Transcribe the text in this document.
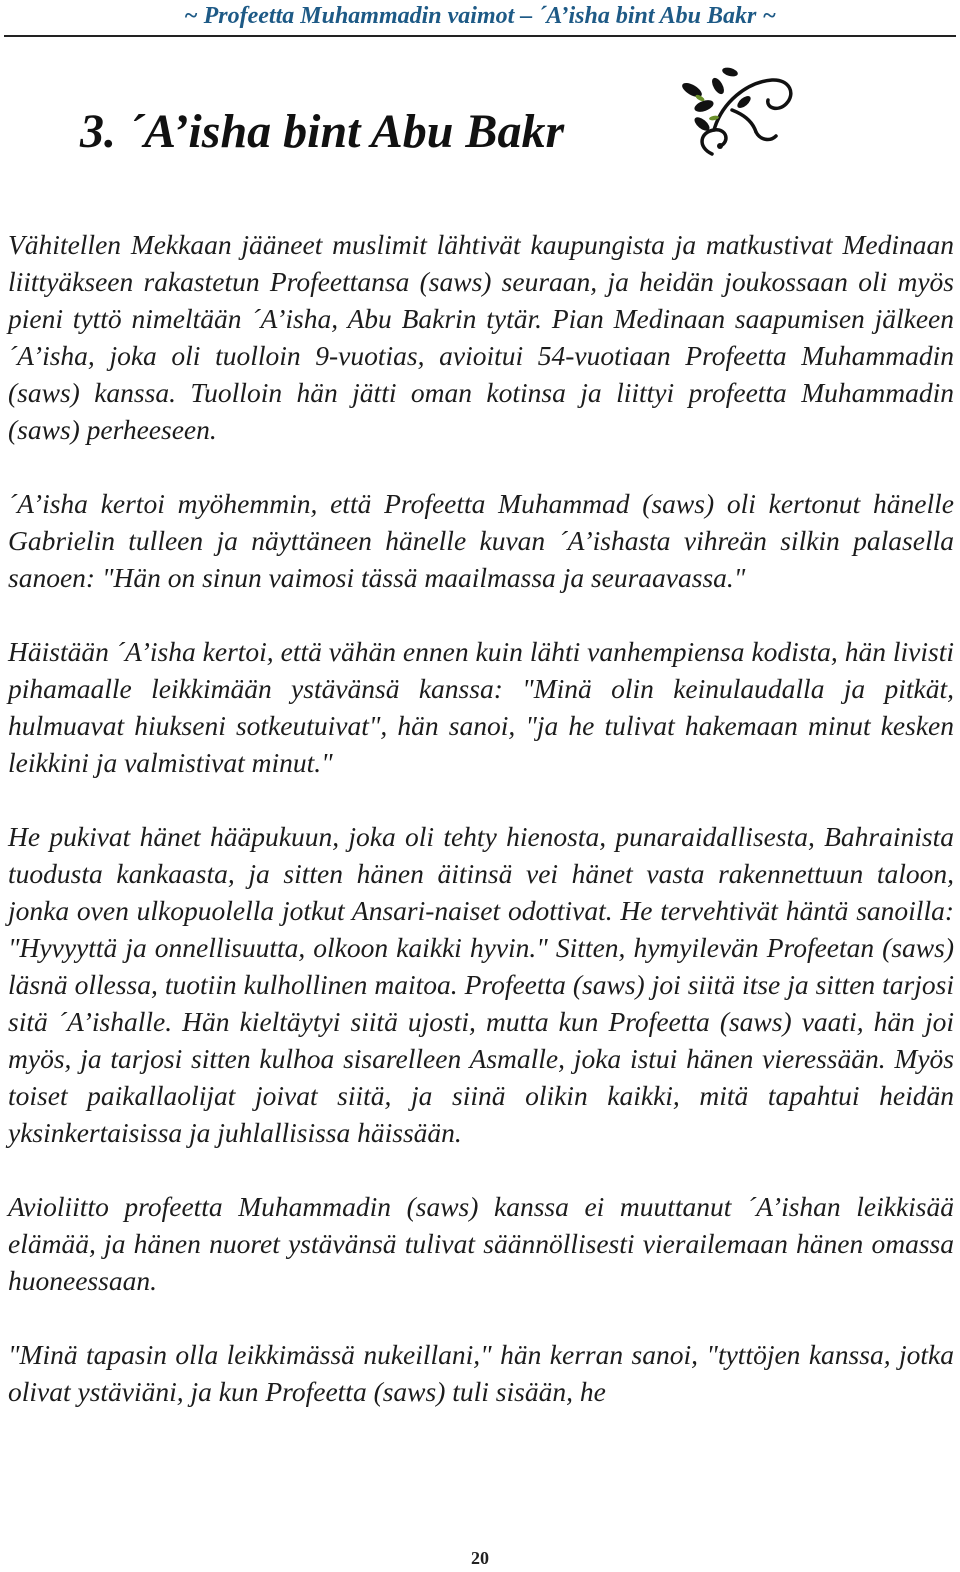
~ Profeetta Muhammadin vaimot – ´A’isha bint Abu Bakr ~
3. ´A’isha bint Abu Bakr

Vähitellen Mekkaan jääneet muslimit lähtivät kaupungista ja matkustivat Medinaan liittyäkseen rakastetun Profeettansa (saws) seuraan, ja heidän joukossaan oli myös pieni tyttö nimeltään ´A’isha, Abu Bakrin tytär. Pian Medinaan saapumisen jälkeen ´A’isha, joka oli tuolloin 9-vuotias, avioitui 54-vuotiaan Profeetta Muhammadin (saws) kanssa. Tuolloin hän jätti oman kotinsa ja liittyi profeetta Muhammadin (saws) perheeseen.

´A’isha kertoi myöhemmin, että Profeetta Muhammad (saws) oli kertonut hänelle Gabrielin tulleen ja näyttäneen hänelle kuvan ´A’ishasta vihreän silkin palasella sanoen: "Hän on sinun vaimosi tässä maailmassa ja seuraavassa."

Häistään ´A’isha kertoi, että vähän ennen kuin lähti vanhempiensa kodista, hän livisti pihamaalle leikkimään ystävänsä kanssa: "Minä olin keinulaudalla ja pitkät, hulmuavat hiukseni sotkeutuivat", hän sanoi, "ja he tulivat hakemaan minut kesken leikkini ja valmistivat minut."

He pukivat hänet hääpukuun, joka oli tehty hienosta, punaraidallisesta, Bahrainista tuodusta kankaasta, ja sitten hänen äitinsä vei hänet vasta rakennettuun taloon, jonka oven ulkopuolella jotkut Ansari-naiset odottivat. He tervehtivät häntä sanoilla: "Hyvyyttä ja onnellisuutta, olkoon kaikki hyvin." Sitten, hymyilevän Profeetan (saws) läsnä ollessa, tuotiin kulhollinen maitoa. Profeetta (saws) joi siitä itse ja sitten tarjosi sitä ´A’ishalle. Hän kieltäytyi siitä ujosti, mutta kun Profeetta (saws) vaati, hän joi myös, ja tarjosi sitten kulhoa sisarelleen Asmalle, joka istui hänen vieressään. Myös toiset paikallaolijat joivat siitä, ja siinä olikin kaikki, mitä tapahtui heidän yksinkertaisissa ja juhlallisissa häissään.

Avioliitto profeetta Muhammadin (saws) kanssa ei muuttanut ´A’ishan leikkisää elämää, ja hänen nuoret ystävänsä tulivat säännöllisesti vierailemaan hänen omassa huoneessaan.

"Minä tapasin olla leikkimässä nukeillani," hän kerran sanoi, "tyttöjen kanssa, jotka olivat ystäviäni, ja kun Profeetta (saws) tuli sisään, he

20
